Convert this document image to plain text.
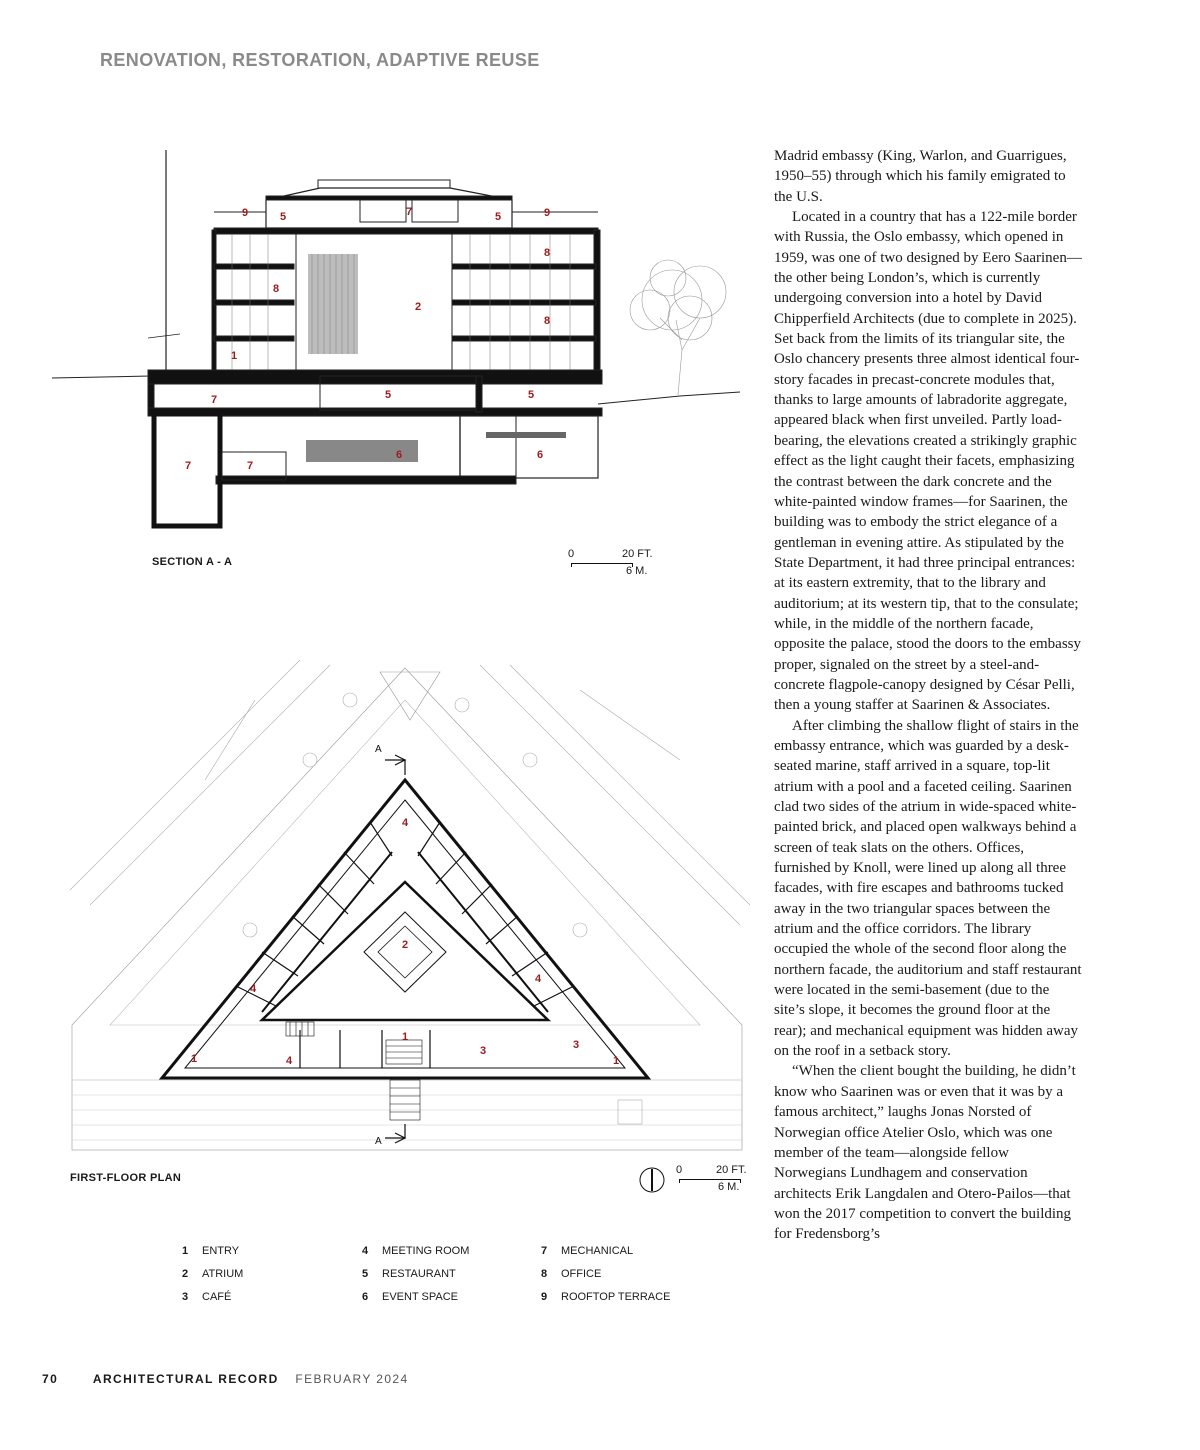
RENOVATION, RESTORATION, ADAPTIVE REUSE
9	5	7	5	9
8
8
2
8
1
7	5	5
7	7
6	6
SECTION A - A
0	20 FT.
6 M.
A
A
4
2
4
4
1
3	3
4
1	1
FIRST-FLOOR PLAN
0	20 FT.
6 M.
1 ENTRY
2 ATRIUM
3 CAFÉ
4 MEETING ROOM
5 RESTAURANT
6 EVENT SPACE
7 MECHANICAL
8 OFFICE
9 ROOFTOP TERRACE

Madrid embassy (King, Warlon, and Guarrigues, 1950–55) through which his family emigrated to the U.S.

Located in a country that has a 122-mile border with Russia, the Oslo embassy, which opened in 1959, was one of two designed by Eero Saarinen—the other being London’s, which is currently undergoing conversion into a hotel by David Chipperfield Architects (due to complete in 2025). Set back from the limits of its triangular site, the Oslo chancery presents three almost identical four-story facades in precast-concrete modules that, thanks to large amounts of labradorite aggregate, appeared black when first unveiled. Partly load-bearing, the elevations created a strikingly graphic effect as the light caught their facets, emphasizing the contrast between the dark concrete and the white-painted window frames—for Saarinen, the building was to embody the strict elegance of a gentleman in evening attire. As stipulated by the State Department, it had three principal entrances: at its eastern extremity, that to the library and auditorium; at its western tip, that to the consulate; while, in the middle of the northern facade, opposite the palace, stood the doors to the embassy proper, signaled on the street by a steel-and-concrete flagpole-canopy designed by César Pelli, then a young staffer at Saarinen & Associates.

After climbing the shallow flight of stairs in the embassy entrance, which was guarded by a desk-seated marine, staff arrived in a square, top-lit atrium with a pool and a faceted ceiling. Saarinen clad two sides of the atrium in wide-spaced white-painted brick, and placed open walkways behind a screen of teak slats on the others. Offices, furnished by Knoll, were lined up along all three facades, with fire escapes and bathrooms tucked away in the two triangular spaces between the atrium and the office corridors. The library occupied the whole of the second floor along the northern facade, the auditorium and staff restaurant were located in the semi-basement (due to the site’s slope, it becomes the ground floor at the rear); and mechanical equipment was hidden away on the roof in a setback story.

“When the client bought the building, he didn’t know who Saarinen was or even that it was by a famous architect,” laughs Jonas Norsted of Norwegian office Atelier Oslo, which was one member of the team—alongside fellow Norwegians Lundhagem and conservation architects Erik Langdalen and Otero-Pailos—that won the 2017 competition to convert the building for Fredensborg’s

70	ARCHITECTURAL RECORD FEBRUARY 2024
